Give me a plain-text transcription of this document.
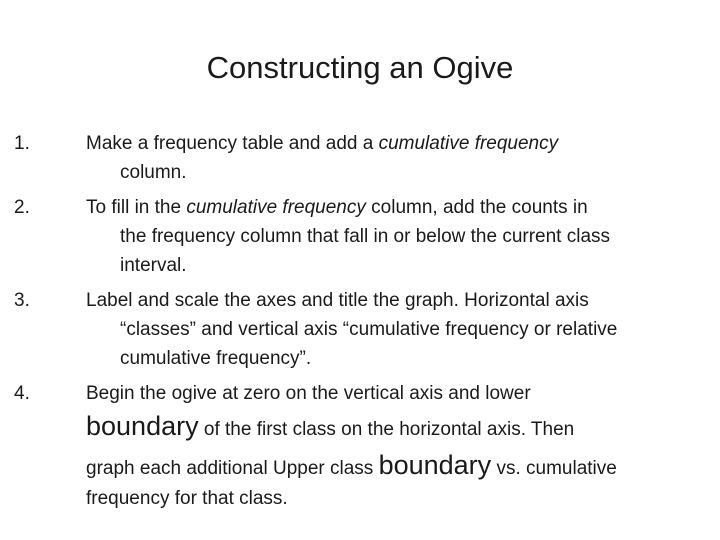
Constructing an Ogive
1.	Make a frequency table and add a cumulative frequency
column.
2.	To fill in the cumulative frequency column, add the counts in
the frequency column that fall in or below the current class
interval.
3.	Label and scale the axes and title the graph. Horizontal axis
“classes” and vertical axis “cumulative frequency or relative
cumulative frequency”.
4.	Begin the ogive at zero on the vertical axis and lower
boundary of the first class on the horizontal axis. Then
graph each additional Upper class boundary vs. cumulative
frequency for that class.
